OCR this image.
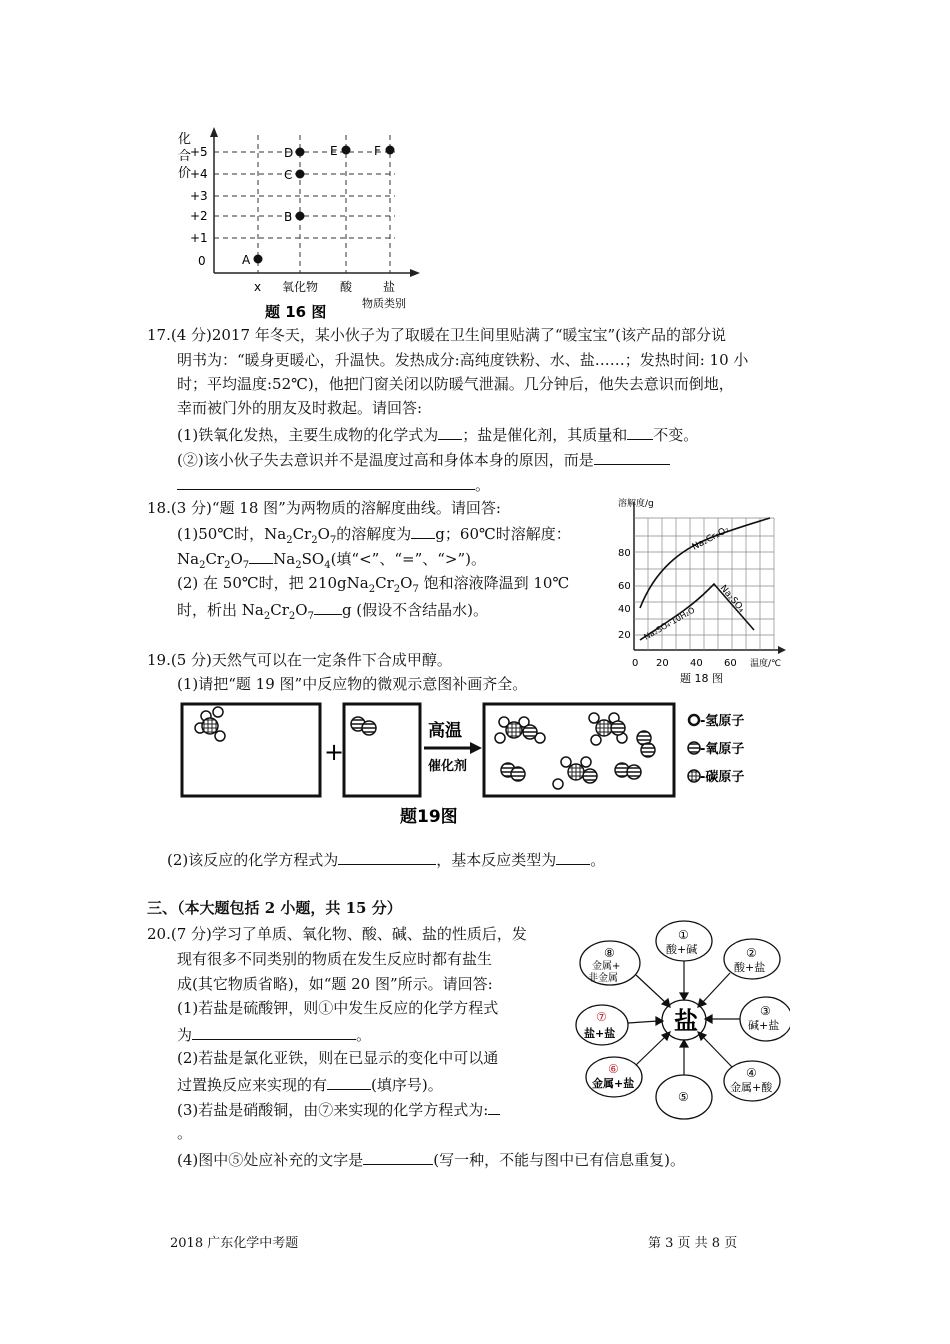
化
合
价
+5
+4
+3
+2
+1
0	A
B
C
D	E	F
x 氧化物 酸	盐
物质类别
题 16 图
17.(4 分)2017 年冬天，某小伙子为了取暖在卫生间里贴满了“暖宝宝”(该产品的部分说
明书为：“暖身更暖心，升温快。发热成分:高纯度铁粉、水、盐……；发热时间: 10 小
时；平均温度:52℃)，他把门窗关闭以防暖气泄漏。几分钟后，他失去意识而倒地，
幸而被门外的朋友及时救起。请回答:
(1)铁氧化发热，主要生成物的化学式为 ；盐是催化剂，其质量和 不变。
(②)该小伙子失去意识并不是温度过高和身体本身的原因，而是
。
18.(3 分)“题 18 图”为两物质的溶解度曲线。请回答:
(1)50℃时，$Na_2Cr_2O_7$的溶解度为 g；60℃时溶解度：
$Na_2Cr_2O_7$ $Na_2SO_4$(填“<”、“=”、“>”)。
(2) 在 50℃时，把 $210gNa_2Cr_2O_7$ 饱和溶液降温到 10℃
时，析出 $Na_2Cr_2O_7$ g (假设不含结晶水)。
溶解度/g
80
60
40
20
Na₂Cr₂O₇
Na₂SO₄
Na₂SO₄·10H₂O
0 20 40 60 温度/℃
题 18 图
19.(5 分)天然气可以在一定条件下合成甲醇。
(1)请把“题 19 图”中反应物的微观示意图补画齐全。
+
高温
催化剂
-氢原子
-氧原子
-碳原子
题19图
(2)该反应的化学方程式为	，基本反应类型为 。
三、（本大题包括 2 小题，共 15 分）
20.(7 分)学习了单质、氧化物、酸、碱、盐的性质后，发
现有很多不同类别的物质在发生反应时都有盐生
成(其它物质省略)，如“题 20 图”所示。请回答:
(1)若盐是硫酸钾，则①中发生反应的化学方程式
为	。
(2)若盐是氯化亚铁，则在已显示的变化中可以通
过置换反应来实现的有	(填序号)。
(3)若盐是硝酸铜，由⑦来实现的化学方程式为:
。
(4)图中⑤处应补充的文字是	(写一种，不能与图中已有信息重复)。
盐
①
酸+碱	②
酸+盐
③
碱+盐
④
金属+酸
⑤
⑥
金属+盐
⑦
盐+盐
⑧
金属+
非金属
2018 广东化学中考题	第 3 页 共 8 页
